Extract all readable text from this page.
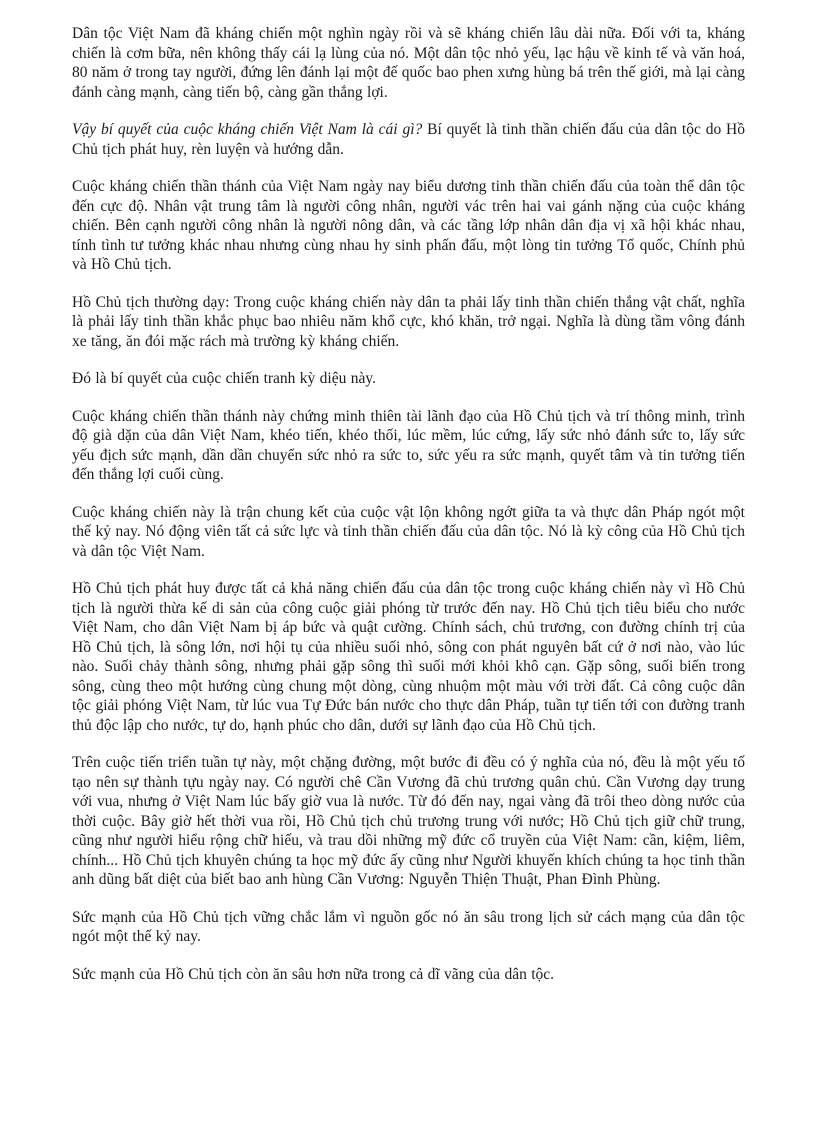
Dân tộc Việt Nam đã kháng chiến một nghìn ngày rồi và sẽ kháng chiến lâu dài nữa. Đối với ta, kháng chiến là cơm bữa, nên không thấy cái lạ lùng của nó. Một dân tộc nhỏ yếu, lạc hậu về kinh tế và văn hoá, 80 năm ở trong tay người, đứng lên đánh lại một đế quốc bao phen xưng hùng bá trên thế giới, mà lại càng đánh càng mạnh, càng tiến bộ, càng gần thắng lợi.

Vậy bí quyết của cuộc kháng chiến Việt Nam là cái gì? Bí quyết là tinh thần chiến đấu của dân tộc do Hồ Chủ tịch phát huy, rèn luyện và hướng dẫn.

Cuộc kháng chiến thần thánh của Việt Nam ngày nay biểu dương tinh thần chiến đấu của toàn thể dân tộc đến cực độ. Nhân vật trung tâm là người công nhân, người vác trên hai vai gánh nặng của cuộc kháng chiến. Bên cạnh người công nhân là người nông dân, và các tầng lớp nhân dân địa vị xã hội khác nhau, tính tình tư tưởng khác nhau nhưng cùng nhau hy sinh phấn đấu, một lòng tin tưởng Tổ quốc, Chính phủ và Hồ Chủ tịch.

Hồ Chủ tịch thường dạy: Trong cuộc kháng chiến này dân ta phải lấy tinh thần chiến thắng vật chất, nghĩa là phải lấy tinh thần khắc phục bao nhiêu năm khổ cực, khó khăn, trở ngại. Nghĩa là dùng tầm vông đánh xe tăng, ăn đói mặc rách mà trường kỳ kháng chiến.

Đó là bí quyết của cuộc chiến tranh kỳ diệu này.

Cuộc kháng chiến thần thánh này chứng minh thiên tài lãnh đạo của Hồ Chủ tịch và trí thông minh, trình độ già dặn của dân Việt Nam, khéo tiến, khéo thối, lúc mềm, lúc cứng, lấy sức nhỏ đánh sức to, lấy sức yếu địch sức mạnh, dần dần chuyển sức nhỏ ra sức to, sức yếu ra sức mạnh, quyết tâm và tin tưởng tiến đến thắng lợi cuối cùng.

Cuộc kháng chiến này là trận chung kết của cuộc vật lộn không ngớt giữa ta và thực dân Pháp ngót một thế kỷ nay. Nó động viên tất cả sức lực và tinh thần chiến đấu của dân tộc. Nó là kỳ công của Hồ Chủ tịch và dân tộc Việt Nam.

Hồ Chủ tịch phát huy được tất cả khả năng chiến đấu của dân tộc trong cuộc kháng chiến này vì Hồ Chủ tịch là người thừa kế di sản của công cuộc giải phóng từ trước đến nay. Hồ Chủ tịch tiêu biểu cho nước Việt Nam, cho dân Việt Nam bị áp bức và quật cường. Chính sách, chủ trương, con đường chính trị của Hồ Chủ tịch, là sông lớn, nơi hội tụ của nhiều suối nhỏ, sông con phát nguyên bất cứ ở nơi nào, vào lúc nào. Suối chảy thành sông, nhưng phải gặp sông thì suối mới khỏi khô cạn. Gặp sông, suối biến trong sông, cùng theo một hướng cùng chung một dòng, cùng nhuộm một màu với trời đất. Cả công cuộc dân tộc giải phóng Việt Nam, từ lúc vua Tự Đức bán nước cho thực dân Pháp, tuần tự tiến tới con đường tranh thủ độc lập cho nước, tự do, hạnh phúc cho dân, dưới sự lãnh đạo của Hồ Chủ tịch.

Trên cuộc tiến triển tuần tự này, một chặng đường, một bước đi đều có ý nghĩa của nó, đều là một yếu tố tạo nên sự thành tựu ngày nay. Có người chê Cần Vương đã chủ trương quân chủ. Cần Vương dạy trung với vua, nhưng ở Việt Nam lúc bấy giờ vua là nước. Từ đó đến nay, ngai vàng đã trôi theo dòng nước của thời cuộc. Bây giờ hết thời vua rồi, Hồ Chủ tịch chủ trương trung với nước; Hồ Chủ tịch giữ chữ trung, cũng như người hiểu rộng chữ hiếu, và trau dồi những mỹ đức cổ truyền của Việt Nam: cần, kiệm, liêm, chính... Hồ Chủ tịch khuyên chúng ta học mỹ đức ấy cũng như Người khuyến khích chúng ta học tinh thần anh dũng bất diệt của biết bao anh hùng Cần Vương: Nguyễn Thiện Thuật, Phan Đình Phùng.

Sức mạnh của Hồ Chủ tịch vững chắc lắm vì nguồn gốc nó ăn sâu trong lịch sử cách mạng của dân tộc ngót một thế kỷ nay.

Sức mạnh của Hồ Chủ tịch còn ăn sâu hơn nữa trong cả dĩ vãng của dân tộc.
